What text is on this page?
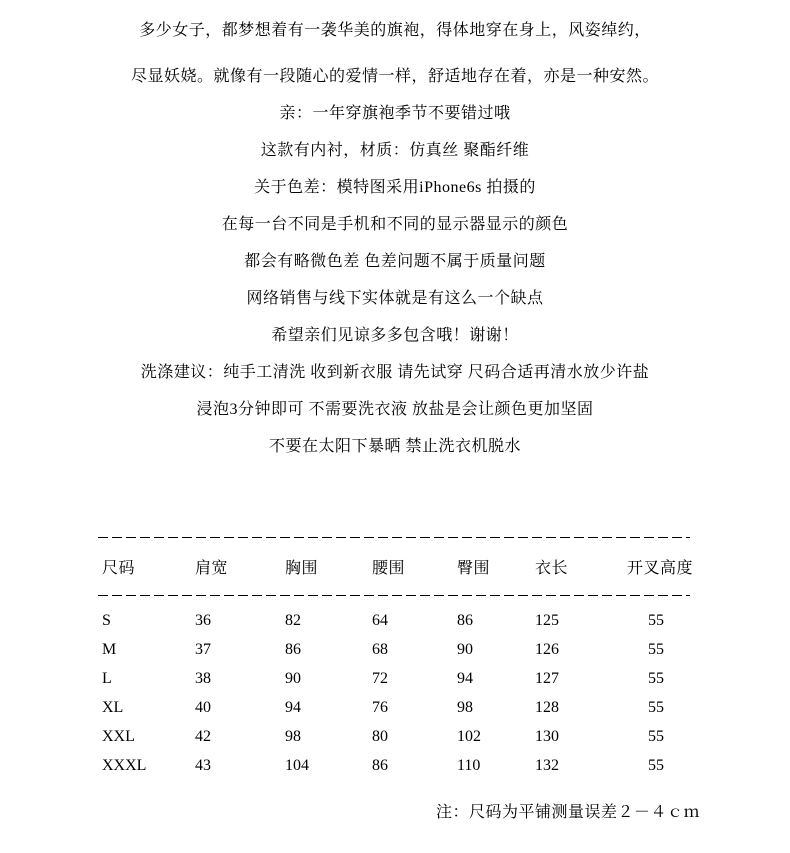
多少女子，都梦想着有一袭华美的旗袍，得体地穿在身上，风姿绰约，
尽显妖娆。就像有一段随心的爱情一样，舒适地存在着，亦是一种安然。
亲：一年穿旗袍季节不要错过哦
这款有内衬，材质：仿真丝 聚酯纤维
关于色差：模特图采用iPhone6s 拍摄的
在每一台不同是手机和不同的显示器显示的颜色
都会有略微色差 色差问题不属于质量问题
网络销售与线下实体就是有这么一个缺点
希望亲们见谅多多包含哦！谢谢！
洗涤建议：纯手工清洗 收到新衣服 请先试穿 尺码合适再清水放少许盐
浸泡3分钟即可 不需要洗衣液 放盐是会让颜色更加坚固
不要在太阳下暴晒 禁止洗衣机脱水
尺码	肩宽	胸围	腰围	臀围	衣长	开叉高度
S	36	82	64	86	125	55
M	37	86	68	90	126	55
L	38	90	72	94	127	55
XL	40	94	76	98	128	55
XXL	42	98	80	102	130	55
XXXL	43	104	86	110	132	55
注：尺码为平铺测量误差２－４ｃｍ
